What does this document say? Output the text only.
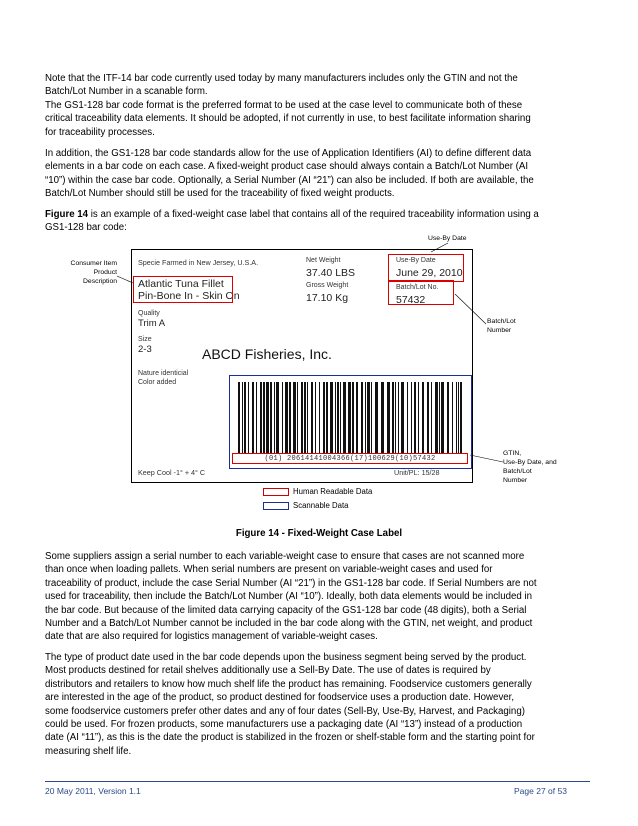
Note that the ITF-14 bar code currently used today by many manufacturers includes only the GTIN and not the
Batch/Lot Number in a scanable form.
The GS1-128 bar code format is the preferred format to be used at the case level to communicate both of these
critical traceability data elements. It should be adopted, if not currently in use, to best facilitate information sharing
for traceability processes.
In addition, the GS1-128 bar code standards allow for the use of Application Identifiers (AI) to define different data
elements in a bar code on each case. A fixed-weight product case should always contain a Batch/Lot Number (AI
“10”) within the case bar code. Optionally, a Serial Number (AI “21”) can also be included. If both are available, the
Batch/Lot Number should still be used for the traceability of fixed weight products.
Figure 14 is an example of a fixed-weight case label that contains all of the required traceability information using a
GS1-128 bar code:
Use-By Date
Consumer Item
Product
Description
Specie Farmed in New Jersey, U.S.A.	Net Weight
37.40 LBS
Gross Weight
17.10 Kg
Use-By Date
June 29, 2010
Batch/Lot No.
57432
Atlantic Tuna Fillet
Pin-Bone In - Skin On
Quality
Trim A
Size
2-3	ABCD Fisheries, Inc.
Nature identicial
Color added
(01) 20614141004366(17)100629(10)57432
Keep Cool -1° + 4° C	Unit/PL: 15/28
Batch/Lot
Number
GTIN,
Use-By Date, and
Batch/Lot
Number
Human Readable Data
Scannable Data
Figure 14 - Fixed-Weight Case Label
Some suppliers assign a serial number to each variable-weight case to ensure that cases are not scanned more
than once when loading pallets. When serial numbers are present on variable-weight cases and used for
traceability of product, include the case Serial Number (AI “21”) in the GS1-128 bar code. If Serial Numbers are not
used for traceability, then include the Batch/Lot Number (AI “10”). Ideally, both data elements would be included in
the bar code. But because of the limited data carrying capacity of the GS1-128 bar code (48 digits), both a Serial
Number and a Batch/Lot Number cannot be included in the bar code along with the GTIN, net weight, and product
date that are also required for logistics management of variable-weight cases.
The type of product date used in the bar code depends upon the business segment being served by the product.
Most products destined for retail shelves additionally use a Sell-By Date. The use of dates is required by
distributors and retailers to know how much shelf life the product has remaining. Foodservice customers generally
are interested in the age of the product, so product destined for foodservice uses a production date. However,
some foodservice customers prefer other dates and any of four dates (Sell-By, Use-By, Harvest, and Packaging)
could be used. For frozen products, some manufacturers use a packaging date (AI “13”) instead of a production
date (AI “11”), as this is the date the product is stabilized in the frozen or shelf-stable form and the starting point for
measuring shelf life.
20 May 2011, Version 1.1	Page 27 of 53
